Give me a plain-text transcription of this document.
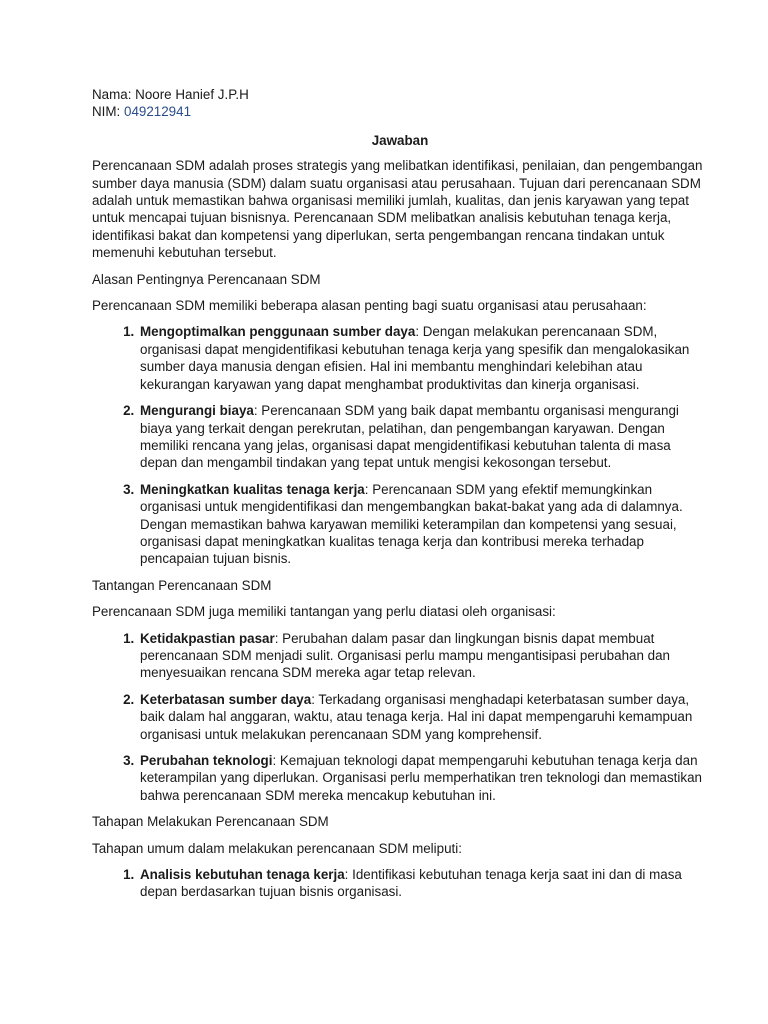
Nama: Noore Hanief J.P.H

NIM: 049212941

Jawaban

Perencanaan SDM adalah proses strategis yang melibatkan identifikasi, penilaian, dan pengembangan sumber daya manusia (SDM) dalam suatu organisasi atau perusahaan. Tujuan dari perencanaan SDM adalah untuk memastikan bahwa organisasi memiliki jumlah, kualitas, dan jenis karyawan yang tepat untuk mencapai tujuan bisnisnya. Perencanaan SDM melibatkan analisis kebutuhan tenaga kerja, identifikasi bakat dan kompetensi yang diperlukan, serta pengembangan rencana tindakan untuk memenuhi kebutuhan tersebut.

Alasan Pentingnya Perencanaan SDM

Perencanaan SDM memiliki beberapa alasan penting bagi suatu organisasi atau perusahaan:

1. Mengoptimalkan penggunaan sumber daya: Dengan melakukan perencanaan SDM, organisasi dapat mengidentifikasi kebutuhan tenaga kerja yang spesifik dan mengalokasikan sumber daya manusia dengan efisien. Hal ini membantu menghindari kelebihan atau kekurangan karyawan yang dapat menghambat produktivitas dan kinerja organisasi.
2. Mengurangi biaya: Perencanaan SDM yang baik dapat membantu organisasi mengurangi biaya yang terkait dengan perekrutan, pelatihan, dan pengembangan karyawan. Dengan memiliki rencana yang jelas, organisasi dapat mengidentifikasi kebutuhan talenta di masa depan dan mengambil tindakan yang tepat untuk mengisi kekosongan tersebut.
3. Meningkatkan kualitas tenaga kerja: Perencanaan SDM yang efektif memungkinkan organisasi untuk mengidentifikasi dan mengembangkan bakat-bakat yang ada di dalamnya. Dengan memastikan bahwa karyawan memiliki keterampilan dan kompetensi yang sesuai, organisasi dapat meningkatkan kualitas tenaga kerja dan kontribusi mereka terhadap pencapaian tujuan bisnis.

Tantangan Perencanaan SDM

Perencanaan SDM juga memiliki tantangan yang perlu diatasi oleh organisasi:

1. Ketidakpastian pasar: Perubahan dalam pasar dan lingkungan bisnis dapat membuat perencanaan SDM menjadi sulit. Organisasi perlu mampu mengantisipasi perubahan dan menyesuaikan rencana SDM mereka agar tetap relevan.
2. Keterbatasan sumber daya: Terkadang organisasi menghadapi keterbatasan sumber daya, baik dalam hal anggaran, waktu, atau tenaga kerja. Hal ini dapat mempengaruhi kemampuan organisasi untuk melakukan perencanaan SDM yang komprehensif.
3. Perubahan teknologi: Kemajuan teknologi dapat mempengaruhi kebutuhan tenaga kerja dan keterampilan yang diperlukan. Organisasi perlu memperhatikan tren teknologi dan memastikan bahwa perencanaan SDM mereka mencakup kebutuhan ini.

Tahapan Melakukan Perencanaan SDM

Tahapan umum dalam melakukan perencanaan SDM meliputi:

1. Analisis kebutuhan tenaga kerja: Identifikasi kebutuhan tenaga kerja saat ini dan di masa depan berdasarkan tujuan bisnis organisasi.
